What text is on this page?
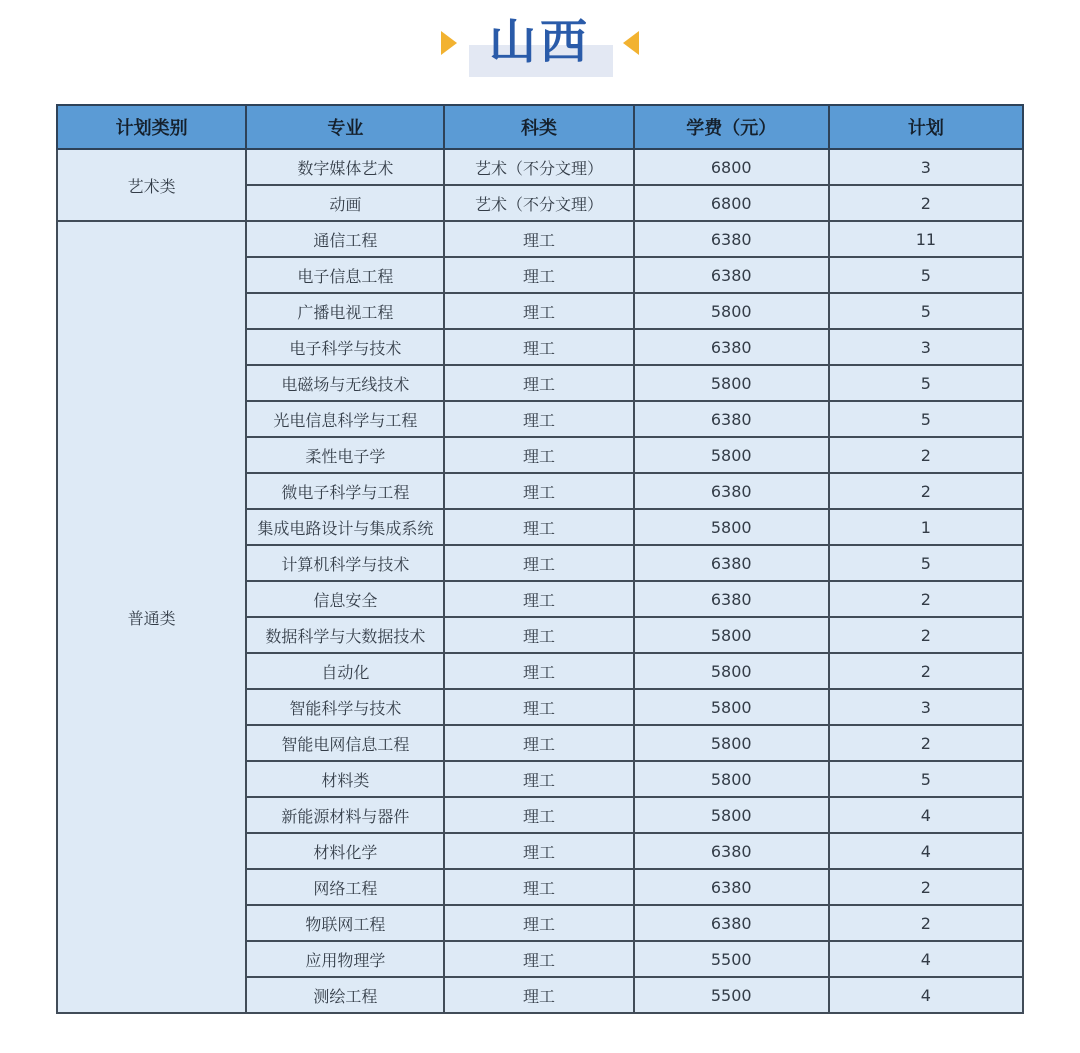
山西
计划类别	专业	科类	学费（元）	计划
艺术类	数字媒体艺术	艺术（不分文理）	6800	3
	动画	艺术（不分文理）	6800	2
普通类	通信工程	理工	6380	11
	电子信息工程	理工	6380	5
	广播电视工程	理工	5800	5
	电子科学与技术	理工	6380	3
	电磁场与无线技术	理工	5800	5
	光电信息科学与工程	理工	6380	5
	柔性电子学	理工	5800	2
	微电子科学与工程	理工	6380	2
	集成电路设计与集成系统	理工	5800	1
	计算机科学与技术	理工	6380	5
	信息安全	理工	6380	2
	数据科学与大数据技术	理工	5800	2
	自动化	理工	5800	2
	智能科学与技术	理工	5800	3
	智能电网信息工程	理工	5800	2
	材料类	理工	5800	5
	新能源材料与器件	理工	5800	4
	材料化学	理工	6380	4
	网络工程	理工	6380	2
	物联网工程	理工	6380	2
	应用物理学	理工	5500	4
	测绘工程	理工	5500	4
